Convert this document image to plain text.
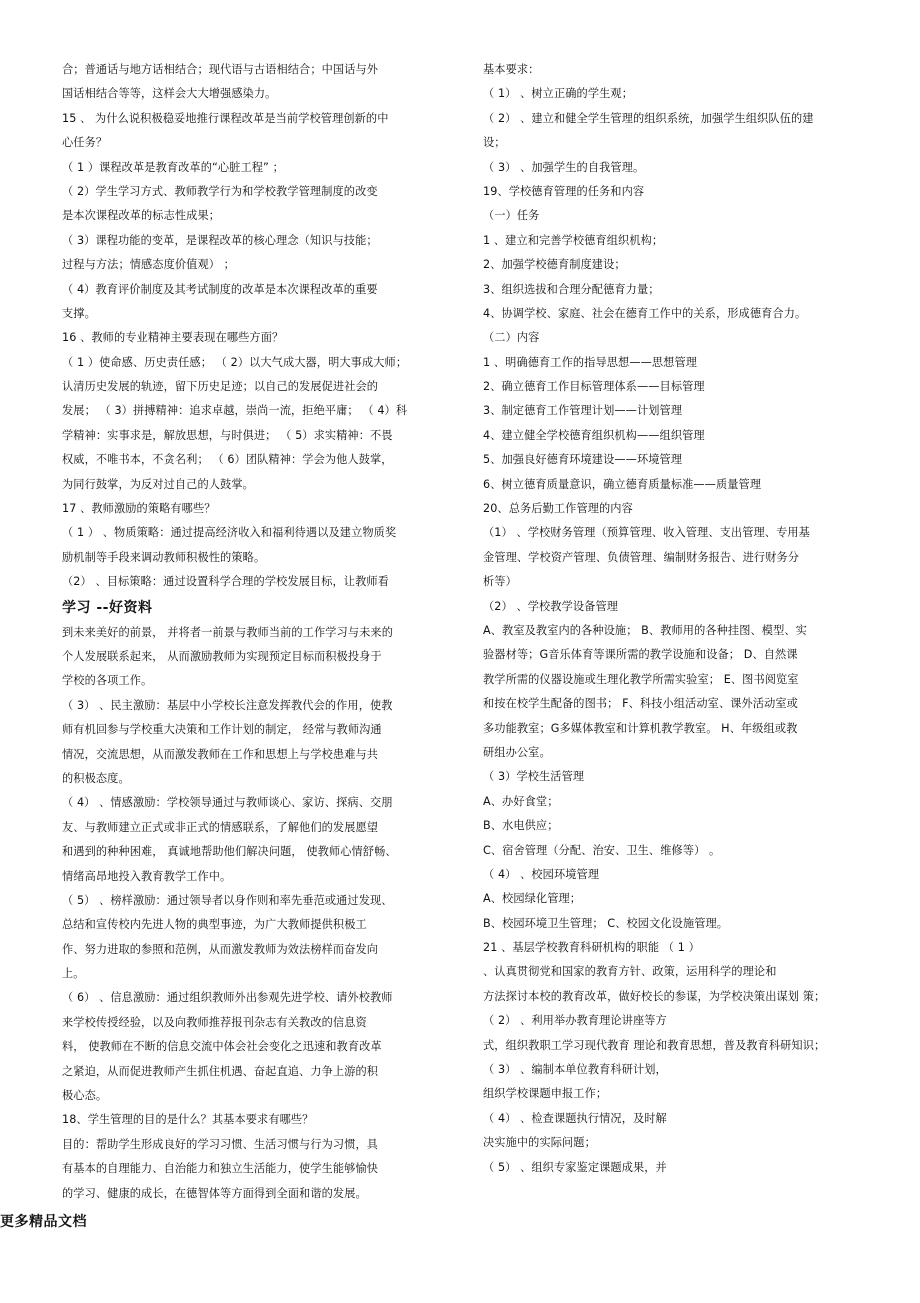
合；普通话与地方话相结合；现代语与古语相结合；中国话与外
国话相结合等等，这样会大大增强感染力。
15 、 为什么说积极稳妥地推行课程改革是当前学校管理创新的中
心任务？
（ 1 ）课程改革是教育改革的“心脏工程” ；
（ 2）学生学习方式、教师教学行为和学校教学管理制度的改变
是本次课程改革的标志性成果；
（ 3）课程功能的变革，是课程改革的核心理念（知识与技能；
过程与方法；情感态度价值观） ；
（ 4）教育评价制度及其考试制度的改革是本次课程改革的重要
支撑。
16 、教师的专业精神主要表现在哪些方面？
（ 1 ）使命感、历史责任感； （ 2）以大气成大器，明大事成大师；
认清历史发展的轨迹，留下历史足迹；以自己的发展促进社会的
发展； （ 3）拼搏精神：追求卓越，崇尚一流，拒绝平庸； （ 4）科
学精神：实事求是，解放思想，与时俱进； （ 5）求实精神：不畏
权威，不唯书本，不贪名利； （ 6）团队精神：学会为他人鼓掌，
为同行鼓掌，为反对过自己的人鼓掌。
17 、教师激励的策略有哪些？
（ 1 ） 、物质策略：通过提高经济收入和福利待遇以及建立物质奖
励机制等手段来调动教师积极性的策略。
（2） 、目标策略：通过设置科学合理的学校发展目标，让教师看
学习 --好资料
到未来美好的前景， 并将者一前景与教师当前的工作学习与未来的
个人发展联系起来， 从而激励教师为实现预定目标而积极投身于
学校的各项工作。
（ 3） 、民主激励：基层中小学校长注意发挥教代会的作用，使教
师有机回参与学校重大决策和工作计划的制定， 经常与教师沟通
情况，交流思想，从而激发教师在工作和思想上与学校患难与共
的积极态度。
（ 4） 、情感激励：学校领导通过与教师谈心、家访、探病、交朋
友、与教师建立正式或非正式的情感联系，了解他们的发展愿望
和遇到的种种困难， 真诚地帮助他们解决问题， 使教师心情舒畅、
情绪高昂地投入教育教学工作中。
（ 5） 、榜样激励：通过领导者以身作则和率先垂范或通过发现、
总结和宣传校内先进人物的典型事迹，为广大教师提供积极工
作、努力进取的参照和范例，从而激发教师为效法榜样而奋发向
上。
（ 6） 、信息激励：通过组织教师外出参观先进学校、请外校教师
来学校传授经验，以及向教师推荐报刊杂志有关教改的信息资
料， 使教师在不断的信息交流中体会社会变化之迅速和教育改革
之紧迫，从而促进教师产生抓住机遇、奋起直追、力争上游的积
极心态。
18、学生管理的目的是什么？其基本要求有哪些？
目的：帮助学生形成良好的学习习惯、生活习惯与行为习惯，具
有基本的自理能力、自治能力和独立生活能力，使学生能够愉快
的学习、健康的成长，在德智体等方面得到全面和谐的发展。
基本要求：
（ 1） 、树立正确的学生观；
（ 2） 、建立和健全学生管理的组织系统，加强学生组织队伍的建
设；
（ 3） 、加强学生的自我管理。
19、学校德育管理的任务和内容
（一）任务
1 、建立和完善学校德育组织机构；
2、加强学校德育制度建设；
3、组织选拔和合理分配德育力量；
4、协调学校、家庭、社会在德育工作中的关系，形成德育合力。
（二）内容
1 、明确德育工作的指导思想——思想管理
2、确立德育工作目标管理体系——目标管理
3、制定德育工作管理计划——计划管理
4、建立健全学校德育组织机构——组织管理
5、加强良好德育环境建设——环境管理
6、树立德育质量意识，确立德育质量标准——质量管理
20、总务后勤工作管理的内容
（1） 、学校财务管理（预算管理、收入管理、支出管理、专用基
金管理、学校资产管理、负债管理、编制财务报告、进行财务分
析等）
（2） 、学校教学设备管理
A、教室及教室内的各种设施； B、教师用的各种挂图、模型、实
验器材等；G音乐体育等课所需的教学设施和设备； D、自然课
教学所需的仪器设施或生理化教学所需实验室； E、图书阅览室
和按在校学生配备的图书； F、科技小组活动室、课外活动室或
多功能教室；G多媒体教室和计算机教学教室。 H、年级组或教
研组办公室。
（ 3）学校生活管理
A、办好食堂；
B、水电供应；
C、宿舍管理（分配、治安、卫生、维修等） 。
（ 4） 、校园环境管理
A、校园绿化管理；
B、校园环境卫生管理； C、校园文化设施管理。
21 、基层学校教育科研机构的职能 （ 1 ）
、认真贯彻党和国家的教育方针、政策，运用科学的理论和
方法探讨本校的教育改革，做好校长的参谋，为学校决策出谋划 策；
（ 2） 、利用举办教育理论讲座等方
式，组织教职工学习现代教育 理论和教育思想，普及教育科研知识；
（ 3） 、编制本单位教育科研计划，
组织学校课题申报工作；
（ 4） 、检查课题执行情况，及时解
决实施中的实际问题；
（ 5） 、组织专家鉴定课题成果，并
更多精品文档
